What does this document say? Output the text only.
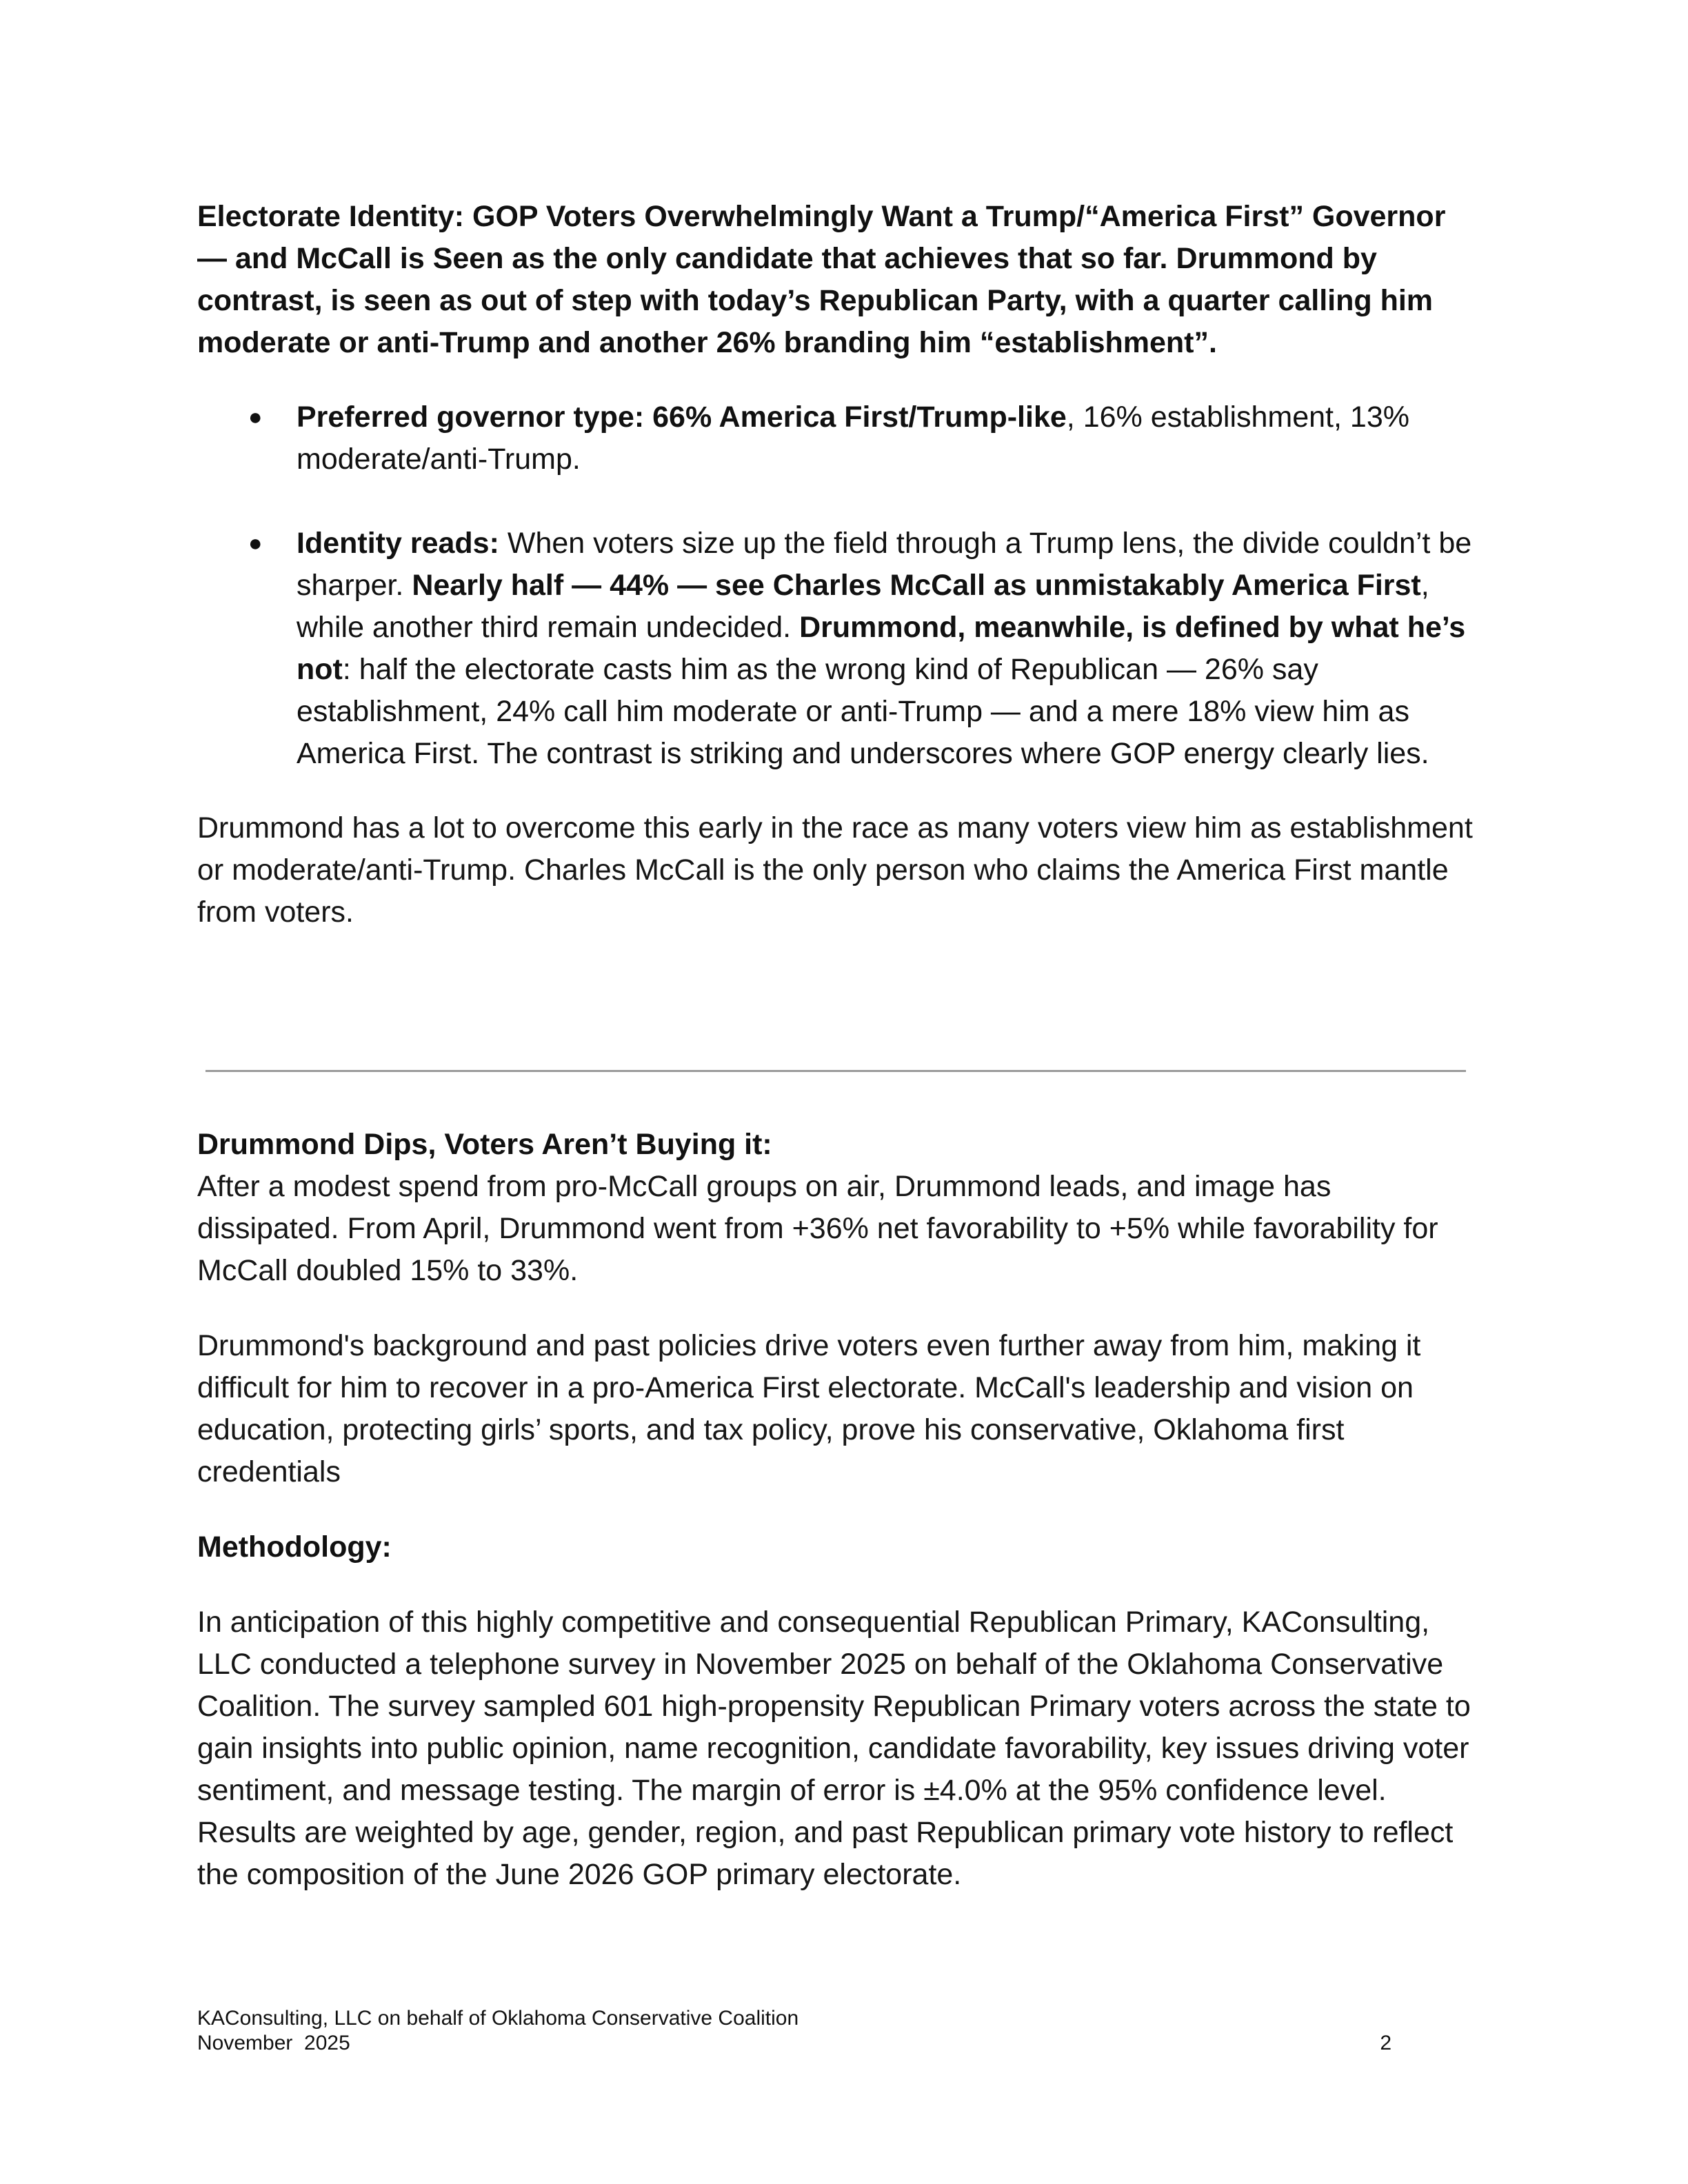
Electorate Identity: GOP Voters Overwhelmingly Want a Trump/“America First” Governor — and McCall is Seen as the only candidate that achieves that so far. Drummond by contrast, is seen as out of step with today’s Republican Party, with a quarter calling him moderate or anti-Trump and another 26% branding him “establishment”.

● Preferred governor type: 66% America First/Trump-like, 16% establishment, 13% moderate/anti-Trump.
● Identity reads: When voters size up the field through a Trump lens, the divide couldn’t be sharper. Nearly half — 44% — see Charles McCall as unmistakably America First, while another third remain undecided. Drummond, meanwhile, is defined by what he’s not: half the electorate casts him as the wrong kind of Republican — 26% say establishment, 24% call him moderate or anti-Trump — and a mere 18% view him as America First. The contrast is striking and underscores where GOP energy clearly lies.

Drummond has a lot to overcome this early in the race as many voters view him as establishment or moderate/anti-Trump. Charles McCall is the only person who claims the America First mantle from voters.

Drummond Dips, Voters Aren’t Buying it:

After a modest spend from pro-McCall groups on air, Drummond leads, and image has dissipated. From April, Drummond went from +36% net favorability to +5% while favorability for McCall doubled 15% to 33%.

Drummond's background and past policies drive voters even further away from him, making it difficult for him to recover in a pro-America First electorate. McCall's leadership and vision on education, protecting girls’ sports, and tax policy, prove his conservative, Oklahoma first credentials

Methodology:

In anticipation of this highly competitive and consequential Republican Primary, KAConsulting, LLC conducted a telephone survey in November 2025 on behalf of the Oklahoma Conservative Coalition. The survey sampled 601 high-propensity Republican Primary voters across the state to gain insights into public opinion, name recognition, candidate favorability, key issues driving voter sentiment, and message testing. The margin of error is ±4.0% at the 95% confidence level. Results are weighted by age, gender, region, and past Republican primary vote history to reflect the composition of the June 2026 GOP primary electorate.

KAConsulting, LLC on behalf of Oklahoma Conservative Coalition
November  2025	2
